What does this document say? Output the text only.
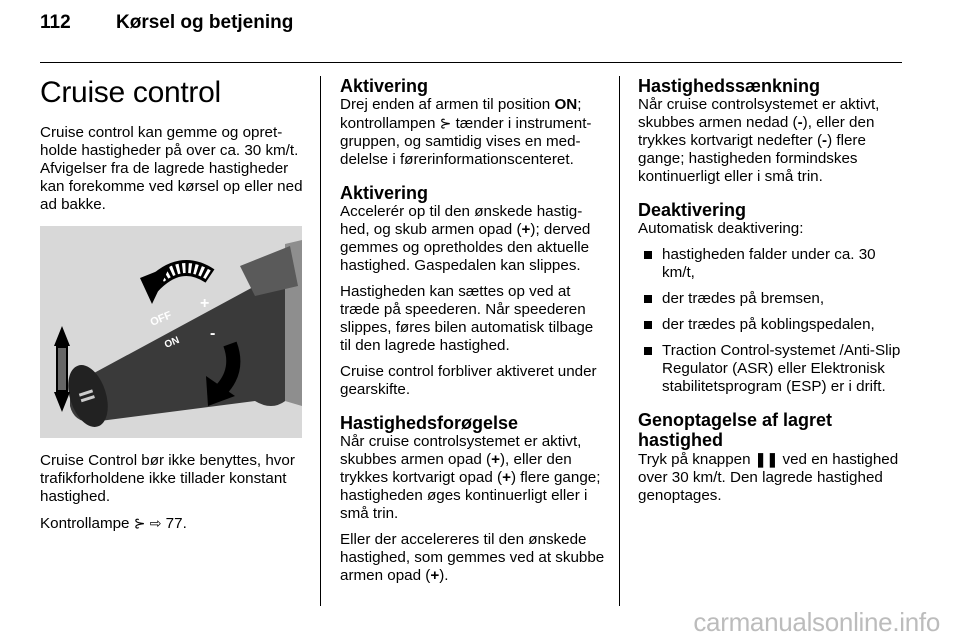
112 Kørsel og betjening
Cruise control

Cruise control kan gemme og opretholde hastigheder på over ca. 30 km/t. Afvigelser fra de lagrede hastigheder kan forekomme ved kørsel op eller ned ad bakke.

OFF
ON
+
-

Cruise Control bør ikke benyttes, hvor trafikforholdene ikke tillader konstant hastighed.

Kontrollampe ⊱ ⇨ 77.

Aktivering

Drej enden af armen til position ON; kontrollampen ⊱ tænder i instrumentgruppen, og samtidig vises en meddelelse i førerinformationscenteret.

Aktivering

Accelerér op til den ønskede hastighed, og skub armen opad (+); derved gemmes og opretholdes den aktuelle hastighed. Gaspedalen kan slippes.

Hastigheden kan sættes op ved at træde på speederen. Når speederen slippes, føres bilen automatisk tilbage til den lagrede hastighed.

Cruise control forbliver aktiveret under gearskifte.

Hastighedsforøgelse

Når cruise controlsystemet er aktivt, skubbes armen opad (+), eller den trykkes kortvarigt opad (+) flere gange; hastigheden øges kontinuerligt eller i små trin.

Eller der accelereres til den ønskede hastighed, som gemmes ved at skubbe armen opad (+).

Hastighedssænkning

Når cruise controlsystemet er aktivt, skubbes armen nedad (-), eller den trykkes kortvarigt nedefter (-) flere gange; hastigheden formindskes kontinuerligt eller i små trin.

Deaktivering

Automatisk deaktivering:

hastigheden falder under ca. 30 km/t,
der trædes på bremsen,
der trædes på koblingspedalen,
Traction Control-systemet /Anti-Slip Regulator (ASR) eller Elektronisk stabilitetsprogram (ESP) er i drift.
Genoptagelse af lagret hastighed

Tryk på knappen ❚❚ ved en hastighed over 30 km/t. Den lagrede hastighed genoptages.

carmanualsonline.info
